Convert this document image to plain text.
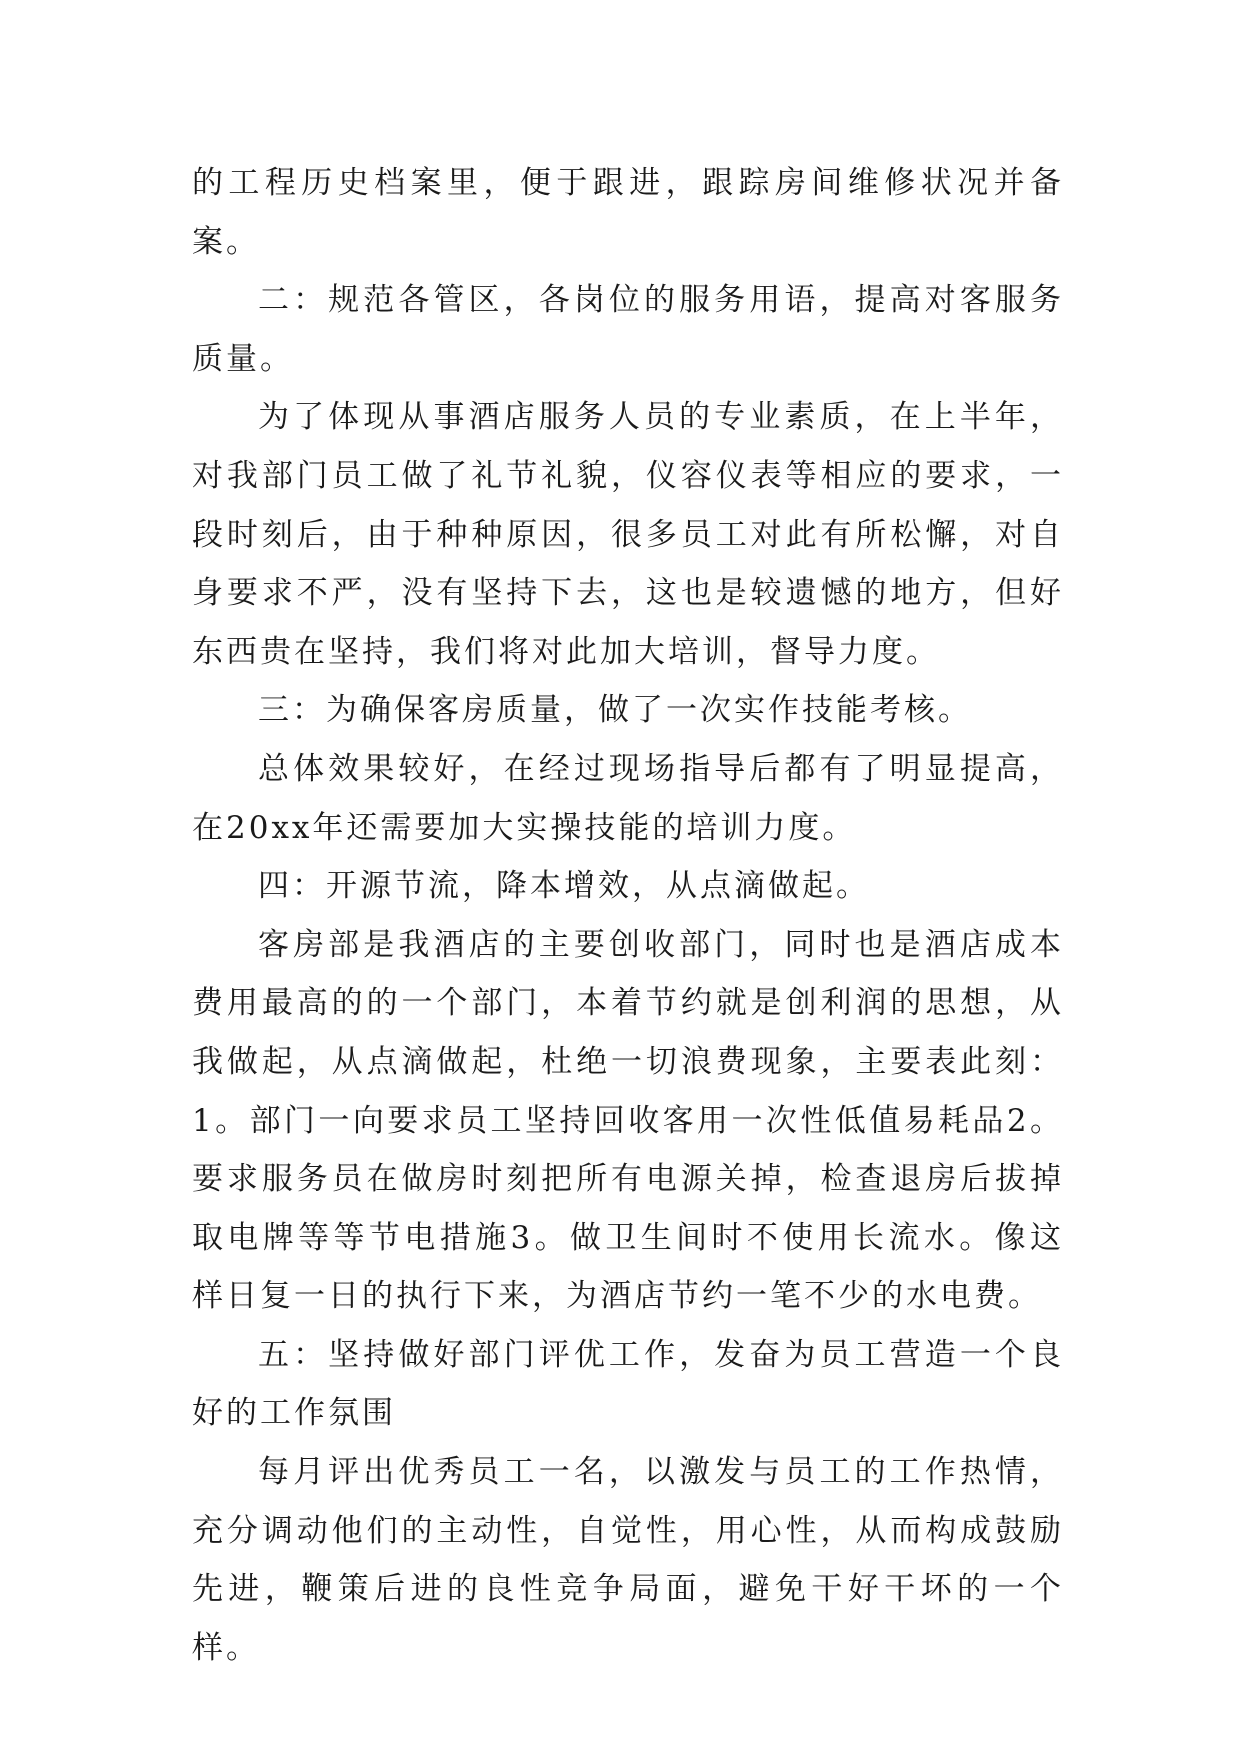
的工程历史档案里，便于跟进，跟踪房间维修状况并备案。

二：规范各管区，各岗位的服务用语，提高对客服务质量。

为了体现从事酒店服务人员的专业素质，在上半年，对我部门员工做了礼节礼貌，仪容仪表等相应的要求，一段时刻后，由于种种原因，很多员工对此有所松懈，对自身要求不严，没有坚持下去，这也是较遗憾的地方，但好东西贵在坚持，我们将对此加大培训，督导力度。

三：为确保客房质量，做了一次实作技能考核。

总体效果较好，在经过现场指导后都有了明显提高，在20xx年还需要加大实操技能的培训力度。

四：开源节流，降本增效，从点滴做起。

客房部是我酒店的主要创收部门，同时也是酒店成本费用最高的的一个部门，本着节约就是创利润的思想，从我做起，从点滴做起，杜绝一切浪费现象，主要表此刻：1。部门一向要求员工坚持回收客用一次性低值易耗品2。要求服务员在做房时刻把所有电源关掉，检查退房后拔掉取电牌等等节电措施3。做卫生间时不使用长流水。像这样日复一日的执行下来，为酒店节约一笔不少的水电费。

五：坚持做好部门评优工作，发奋为员工营造一个良好的工作氛围

每月评出优秀员工一名，以激发与员工的工作热情，充分调动他们的主动性，自觉性，用心性，从而构成鼓励先进，鞭策后进的良性竞争局面，避免干好干坏的一个样。
